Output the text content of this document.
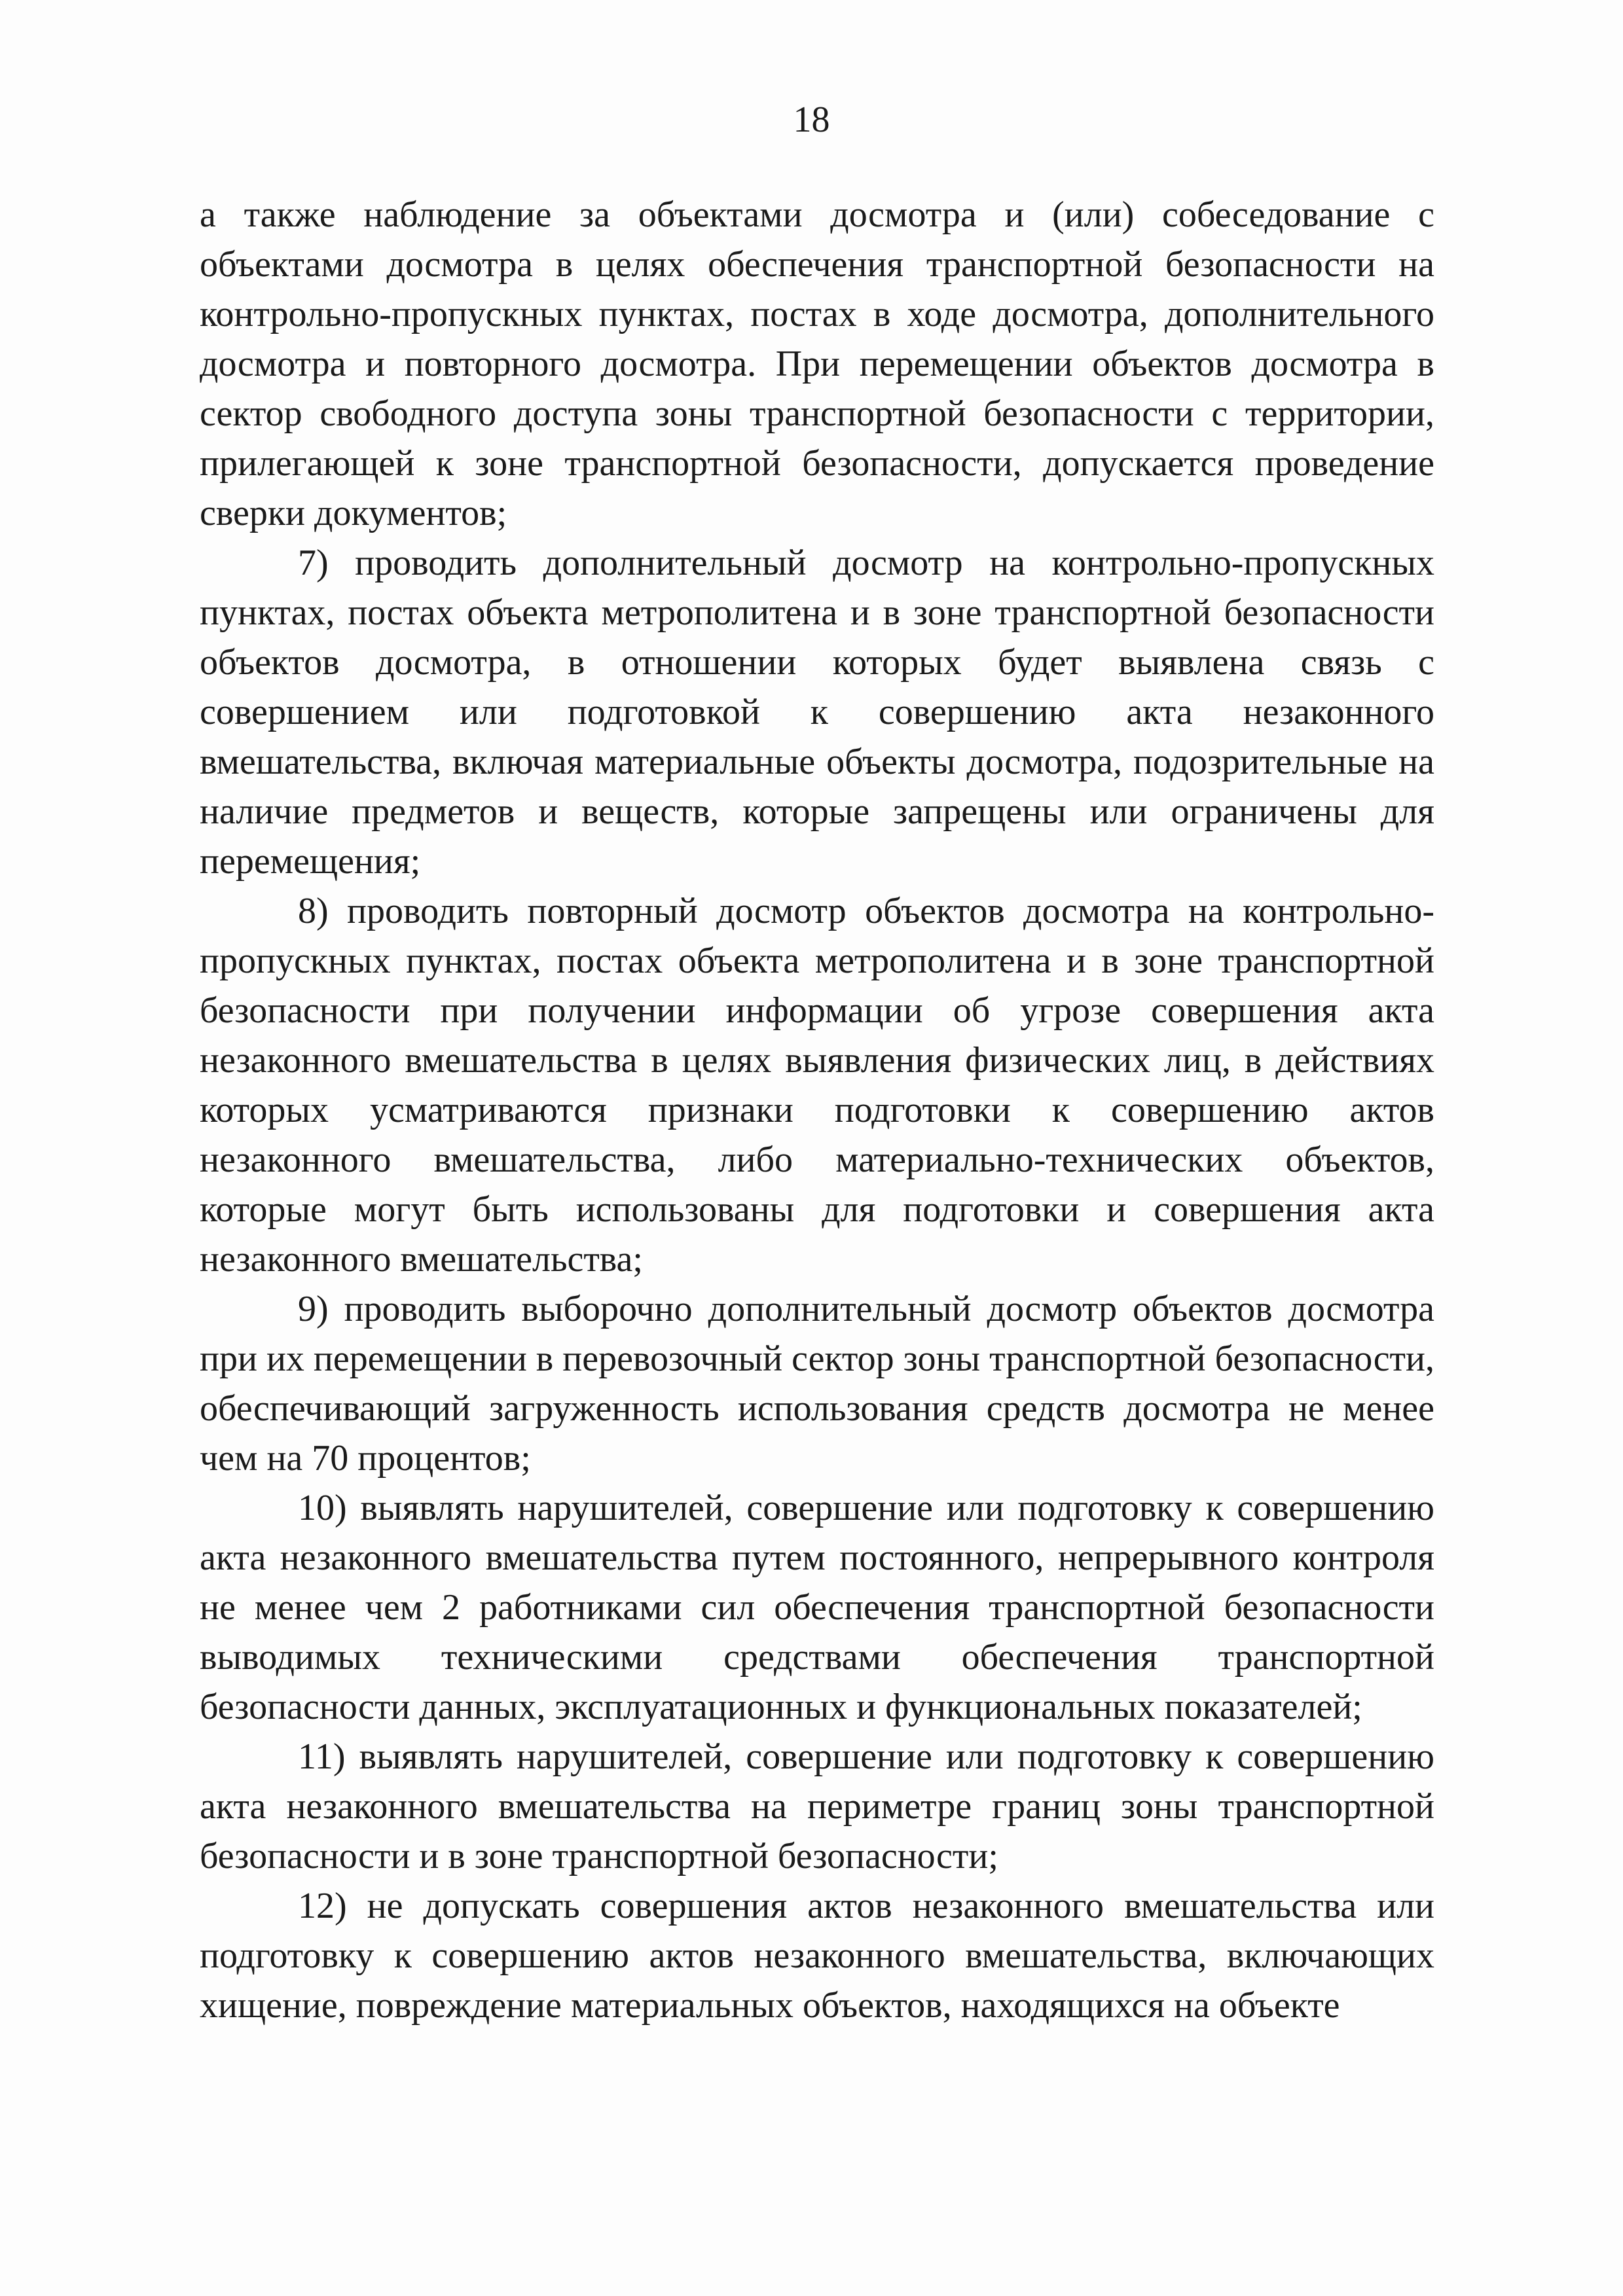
18

а также наблюдение за объектами досмотра и (или) собеседование с объектами досмотра в целях обеспечения транспортной безопасности на контрольно-пропускных пунктах, постах в ходе досмотра, дополнительного досмотра и повторного досмотра. При перемещении объектов досмотра в сектор свободного доступа зоны транспортной безопасности с территории, прилегающей к зоне транспортной безопасности, допускается проведение сверки документов;

7) проводить дополнительный досмотр на контрольно-пропускных пунктах, постах объекта метрополитена и в зоне транспортной безопасности объектов досмотра, в отношении которых будет выявлена связь с совершением или подготовкой к совершению акта незаконного вмешательства, включая материальные объекты досмотра, подозрительные на наличие предметов и веществ, которые запрещены или ограничены для перемещения;

8) проводить повторный досмотр объектов досмотра на контрольно-пропускных пунктах, постах объекта метрополитена и в зоне транспортной безопасности при получении информации об угрозе совершения акта незаконного вмешательства в целях выявления физических лиц, в действиях которых усматриваются признаки подготовки к совершению актов незаконного вмешательства, либо материально-технических объектов, которые могут быть использованы для подготовки и совершения акта незаконного вмешательства;

9) проводить выборочно дополнительный досмотр объектов досмотра при их перемещении в перевозочный сектор зоны транспортной безопасности, обеспечивающий загруженность использования средств досмотра не менее чем на 70 процентов;

10) выявлять нарушителей, совершение или подготовку к совершению акта незаконного вмешательства путем постоянного, непрерывного контроля не менее чем 2 работниками сил обеспечения транспортной безопасности выводимых техническими средствами обеспечения транспортной безопасности данных, эксплуатационных и функциональных показателей;

11) выявлять нарушителей, совершение или подготовку к совершению акта незаконного вмешательства на периметре границ зоны транспортной безопасности и в зоне транспортной безопасности;

12) не допускать совершения актов незаконного вмешательства или подготовку к совершению актов незаконного вмешательства, включающих хищение, повреждение материальных объектов, находящихся на объекте
